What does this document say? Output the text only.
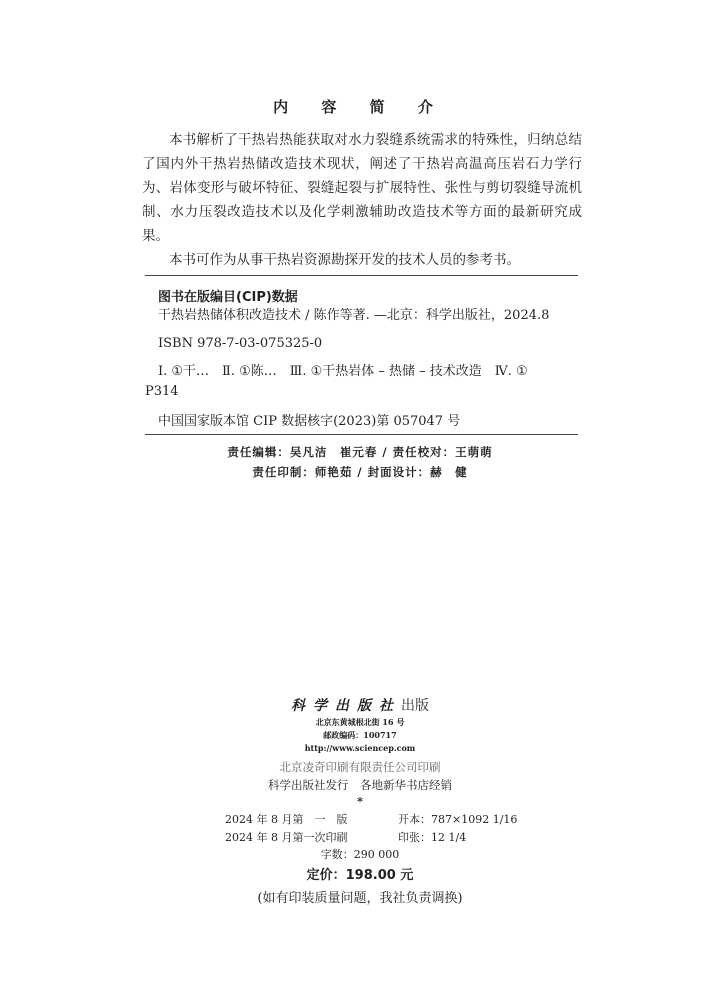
内 容 简 介

本书解析了干热岩热能获取对水力裂缝系统需求的特殊性，归纳总结了国内外干热岩热储改造技术现状，阐述了干热岩高温高压岩石力学行为、岩体变形与破坏特征、裂缝起裂与扩展特性、张性与剪切裂缝导流机制、水力压裂改造技术以及化学刺激辅助改造技术等方面的最新研究成果。

本书可作为从事干热岩资源勘探开发的技术人员的参考书。

图书在版编目(CIP)数据
干热岩热储体积改造技术 / 陈作等著. —北京：科学出版社，2024.8
ISBN 978-7-03-075325-0
Ⅰ. ①干…　Ⅱ. ①陈…　Ⅲ. ①干热岩体 – 热储 – 技术改造　Ⅳ. ①
P314
中国国家版本馆 CIP 数据核字(2023)第 057047 号
责任编辑：吴凡洁　崔元春 / 责任校对：王萌萌
责任印制：师艳茹 / 封面设计：赫　健
科学出版社出版
北京东黄城根北街 16 号
邮政编码：100717
http://www.sciencep.com
北京凌奇印刷有限责任公司印刷
科学出版社发行　各地新华书店经销
*
2024 年 8 月第　一　版	开本：787×1092 1/16
2024 年 8 月第一次印刷	印张：12 1/4
字数：290 000
定价：198.00 元
(如有印装质量问题，我社负责调换)
